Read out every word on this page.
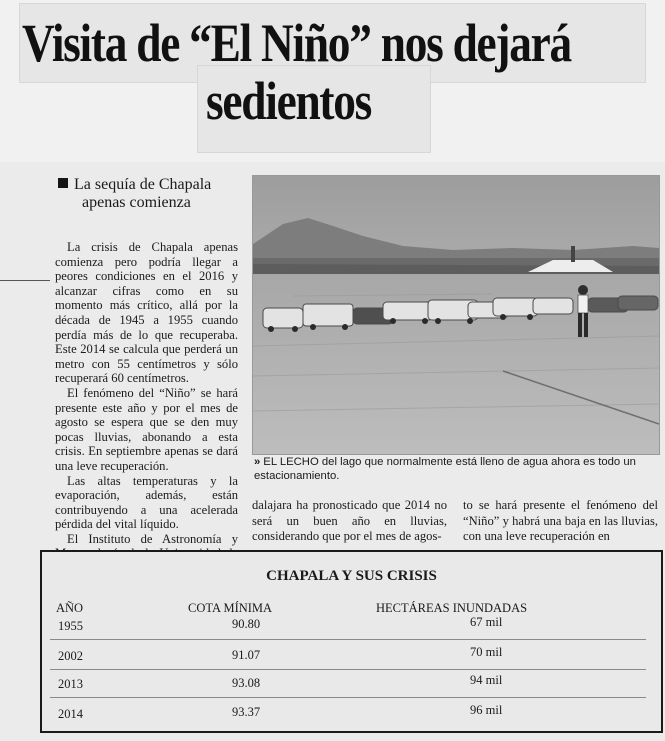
Visita de “El Niño” nos dejará
sedientos
La sequía de Chapala
apenas comienza

La crisis de Chapala apenas comienza pero podría llegar a peores condiciones en el 2016 y alcanzar cifras como en su momento más crítico, allá por la década de 1945 a 1955 cuando perdía más de lo que recuperaba. Este 2014 se calcula que perderá un metro con 55 centímetros y sólo recuperará 60 centímetros.

El fenómeno del “Niño” se hará presente este año y por el mes de agosto se espera que se den muy pocas lluvias, abonando a esta crisis. En septiembre apenas se dará una leve recuperación.

Las altas temperaturas y la evaporación, además, están contribuyendo a una acelerada pérdida del vital líquido.

El Instituto de Astronomía y

» EL LECHO del lago que normalmente está lleno de agua ahora es todo un estacionamiento.
dalajara ha pronosticado que 2014 no será un buen año en lluvias, considerando que por el mes de agos-
to se hará presente el fenómeno del “Niño” y habrá una baja en las lluvias, con una leve recuperación en
CHAPALA Y SUS CRISIS
AÑO	COTA MÍNIMA	HECTÁREAS INUNDADAS
1955	90.80	67 mil
2002	91.07	70 mil
2013	93.08	94 mil
2014	93.37	96 mil
